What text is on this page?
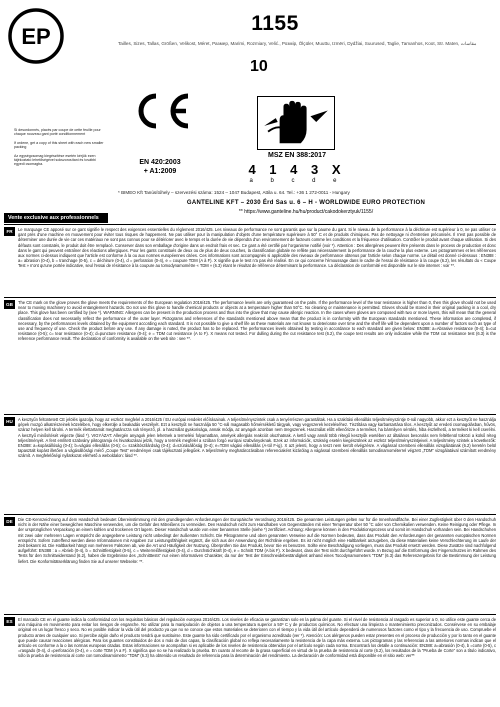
EP
1155
Tailles, Sizes, Tallas, Größen, Velikost, Méret, Размер, Marimi, Rozmiary, Velić., Розмір, Ölçüler, Muuttu, Izmēri, Dydžiai, Suurused, Taglie, Tamanhos, Koot, Str. Maten, مقاسات
10

Si desordonnés, placés par coupe de cette feuille pour chaque nouveau gant porté conditionnement

If ordene, get a copy of this sheet with each new smaller packing

Az egységcsomag kiegészítése esetén kérjük ezen tájékoztató lehetőségével sokszorosítani és további egyedi csomagba.	EN 420:2003
+ A1:2009
MSZ EN 388:2017
4 1 4 3 X
a b c d e
* BIMEO Kft Tanúsítóhely – szervezési száma: 1524 – 1047 Budapest, Attila u. 64. Tel.: +36 1 272-0011 - Hungary
GANTELINE KFT – 2030 Érd Sas u. 6 – H - WORLDWIDE EURO PROTECTION
** https://www.ganteline.hu/hu/product/cakodokerztyuk/1155/
Vente exclusive aux professionnels
FR	Le marquage CE apposé sur ce gant signifie le respect des exigences essentielles du règlement 2016/425. Les niveaux de performance ne sont garantis que sur la paume du gant. Si le niveau de la performance à la déchirure est supérieur à 0, ne pas utiliser ce gant près d'une machine en mouvement pour éviter tous risques de happement. Ne pas utiliser pour la manipulation d'objets d'une température supérieure à 50° C et de produits chimiques. Pas de nettoyage ni d'entretien préconisés. Il n'est pas possible de déterminer une durée de vie car ces matériaux ne sont pas connus pour se détériorer avec le temps et la durée de vie dépendra d'un environnement de facteurs comme les conditions et la fréquence d'utilisation. Contrôler le produit avant chaque utilisation. Si des défauts sont constatés, le produit doit être remplacé. Conserver dans son emballage d'origine dans un endroit frais et sec. Ce gant a été certifié par l'organisme notifié (voir *). Attention : Des allergènes peuvent être présents dans le process de production et donc dans le gant qui peuvent entraîner des réactions allergiques. Pour les gants constitués de deux ou de plus de deux couches, la classification globale ne reflète pas nécessairement la performance de la couche la plus externe. Les pictogrammes et les références aux normes ci-dessus indiquent que l'article est conforme à la ou aux normes européennes citées. Ces informations sont accompagnés si applicable des niveaux de performance obtenus par l'article selon chaque norme. Le détail est donné ci-dessous : EN388 : a= abrasion (0-4), b = tranchage (0-5), c = déchirure (0-4), d = perforation (0-4), e = coupure TDM (A à F). X signifie que le test n'a pas été réalisé. En ce qui concerne l'émoussage dans le cadre de l'essai de résistance à la coupe (6.2), les résultats du « Coupe Test » n'ont qu'une portée indicative, seul l'essai de résistance à la coupure au tomodynamomètre « TDM » (6.3) étant le résultat de référence déterminant la performance. La déclaration de conformité est disponible sur le site internet : voir **.
GB	The CE mark on the glove proves the glove meets the requirements of the European regulation 2016/425. The performance levels are only guaranteed on the palm. If the performance level of the tear resistance is higher than 0, then this glove should not be used near to moving machinery to avoid entanglement hazards. Do not use this glove to handle chemical products or objects at a temperature higher than 50°C. No cleaning or maintenance is permitted. Gloves should be stored in their original packing in a cool, dry place. This glove has been certified by (see *). WARNING: Allergens can be present in the production process and thus into the glove that may cause allergic reaction. In the cases where gloves are composed with two or more layers, this will mean that the general classification does not necessarily reflect the performance of the outer layer. Pictograms and references of the standards mentioned above mean that the product is in conformity with the European standards mentioned. These information are completed, if necessary, by the performances levels obtained by the equipment according each standard. It is not possible to give a shelf life as these materials are not known to deteriorate over time and the shelf life will be dependent upon a number of factors such as type of use and frequency of use. Check the product before any use. If any damage is noted, the product has to be replaced. The performances levels obtained by testing in accordance to each standard are given below: EN388: a=Abrasive resistance (0-4); b=cut resistance (0-5); c= tear resistance (0-4); d=puncture resistance (0-4); e = TDM cut resistance (A to F). X means not tested. For dulling during the cut resistance test (6.2), the coupe test results are only indicative while the TDM cut resistance test (6.3) is the reference performance result. The declaration of conformity is available on the web site : see **.
HU	A kesztyűn feltüntetett CE jelölés igazolja, hogy az eszköz megfelel a 2016/425 / EU európai rendelet előírásainak. A teljesítményszintek csak a tenyérrészen garantáltak. Ha a szakítási ellenállás teljesítményszintje 0-nál nagyobb, akkor ezt a kesztyűt ne használja gépek mozgó alkatrészeinek közelében, hogy elkerülje a beakadás veszélyét. Ezt a kesztyűt ne használja 50 °C-nál magasabb hőmérsékletű tárgyak, vagy vegyszerek kezeléséhez. Tisztítása vagy karbantartása tilos. A kesztyűt az eredeti csomagolásban, hűvös, száraz helyen kell tárolni. A termék élettartamát meghatározza sok tényező, pl. a használat gyakorisága, annak módja, az anyagok azonban nem öregszenek. Használat előtt ellenőrizze a terméket, ha bármilyen sérülés, hiba észlelhető, a terméket ki kell cserélni. A kesztyű minősítését végezte (lásd *). VIGYÁZAT: Allergén anyagok jelen lehetnek a termelési folyamatban, amelyek allergiás reakciót okozhatnak. A kettő vagy annál több rétegű kesztyűk esetében az általános besorolás nem feltétlenül tükrözi a külső réteg teljesítményét. A fent említett szabvány piktogramja és hivatkozásai jelzik, hogy a termék megfelel a szóban forgó európai szabványoknak. Ezek az információk, szükség esetén kiegészülnek az eszköz teljesítményszintjeivel. A teljesítmény szintek a következők: EN388: a=kopásállóság (0-4); b=vágási ellenállás (0-5); c= szakítószilárdság (0-4); d=szúrásállóság (0-4); e=TDM vágási ellenállás (A-tól F-ig). X azt jelenti, hogy a teszt nem került elvégzésre. A vágással szembeni ellenállás vizsgálatának (6.2) keretén belül tapasztalt kopást illetően a vágásállósági mérő „Coupe Test” eredményei csak tájékoztató jellegűek. A teljesítmény meghatározásában referenciaként kizárólag a vágással szembeni ellenállás tomodinamométerrel végzett „TDM” vizsgálatával számított eredmény számít. A megfelelőségi nyilatkozat elérhető a weboldalon: lásd **.
DE	Die CE-Kennzeichnung auf dem Handschuh bedeutet Übereinstimmung mit den grundlegenden Anforderungen der Europäische Verordnung 2016/425. Die genannten Leistungen gelten nur für die Innenhandfläche. Bei einer Zugfestigkeit über 0 den Handschuh nicht in der Nähe einer beweglichen Maschine verwenden, um die Gefahr des Mitreißens zu vermeiden. Den Handschuh nicht zum Handhaben von Gegenständen mit einer Temperatur über 50 °C oder von Chemikalien verwenden. Keine Reinigung oder Pflege. In der ursprünglichen Verpackung an einem kühlen und trockenen Ort lagern. Dieser Handschuh wurde von einer benannten Stelle (siehe *) zertifiziert. Achtung: Allergene können in den Produktionsprozess und somit im Handschuh vorhanden sein. Bei Handschuhen mit zwei oder mehreren Lagen entspricht die angegebene Leistung nicht unbedingt der äußersten Schicht. Die Piktogramme und oben genannten Verweise auf die Normen bedeuten, dass das Produkt den Anforderungen der genannten europäischen Normen entspricht. Sofern zutreffend werden diese Informationen mit Angaben zur Leistungsfähigkeit ergänzt, die sich aus der Anwendung der Richtlinie ergeben. Es ist nicht möglich eine Haltbarkeit anzugeben, da diese Materialien keine Verschlechterung im Laufe der Zeit bekannt ist. Die Haltbarkeit hängt von mehreren Faktoren ab, wie die Art und Häufigkeit der Nutzung. Überprüfen Sie das Produkt, bevor Sie es benutzen. Sollte eine Beschädigung vorliegen, muss das Produkt ersetzt werden. Diese Zusätze sind nachfolgend aufgeführt: EN388 : a = Abrieb (0-4), b = Schnittfestigkeit (0-5), c = Weiterreißfestigkeit (0-4), d = Durchstichkraft (0-4), e = Schnitt TDM (A bis F). X bedeutet, dass der Test nicht durchgeführt wurde. In Bezug auf die Entformung des Fingerschutzes im Rahmen des Tests für den Schnittwiderstand (6.2), haben die Ergebnisse des „Schnitttests“ nur einen informativen Charakter, da nur der Test der Einschneidebeständigkeit anhand eines Tocodynamometers “TDM” (6.3) das Referenzergebnis für die Bestimmung der Leistung liefert. Die Konformitätserklärung finden Sie auf unserer Webseite: **.
ES	El marcado CE en el guante indica la conformidad con los requisitos básicos del regulación europea 2016/425. Los niveles de eficacia se garantizan solo en la palma del guante. Si el nivel de resistencia al rasgado es superior a 0, no utilice este guante cerca de una máquina en movimiento para evitar los riesgos de enganche. No utilizar para la manipulación de objetos a una temperatura superior a 50º C y de productos químicos. No efectuar una limpieza o mantenimiento preconizados. Consérvese en su embalaje original en un lugar fresco y seco. No es posible indicar la vida útil del producto ya que no se conoce que estos materiales se deterioren con el tiempo y la vida útil del artículo dependerá de numerosos factores como el tipo y la frecuencia de uso. Compruebe el producto antes de cualquier uso. Si percibe algún daño el producto tendrá que sustituirse. Este guante ha sido certificado por el organismo acreditado (ver *). Atención: Los alérgenos pueden estar presentes en el proceso de producción y por lo tanto en el guante que puede causar reacciones alérgicas. Para los guantes constituidos de dos o más de dos capas, la clasificación global no refleja necesariamente la resistencia de la capa más externa. Los pictogramas y las referencias a las anteriores normas indican que el artículo es conforme a la o las normas europeas citadas. Estas informaciones se acompañan si es aplicable de los niveles de resistencia obtenidos por el artículo según cada norma. Encontrará los detalle a continuación: EN388: a=abrasión (0-4), b =corte (0-5), c =rasgado (0-4), d =perforación (0-4), e = corte TDM (A a F). X significa que no se ha realizado la prueba. En cuanto al recorte de la grasa superficial en virtud de la prueba de resistencia al corte (6.2), los resultados de la “Prueba de Corte” son a título indicativo, sólo la prueba de resistencia al corte con tomodinamómetro “TDM” (6.3) ha obtenido un resultado de referencia para la determinación del rendimiento. La declaración de conformidad está disponible en el sitio web: ver**
